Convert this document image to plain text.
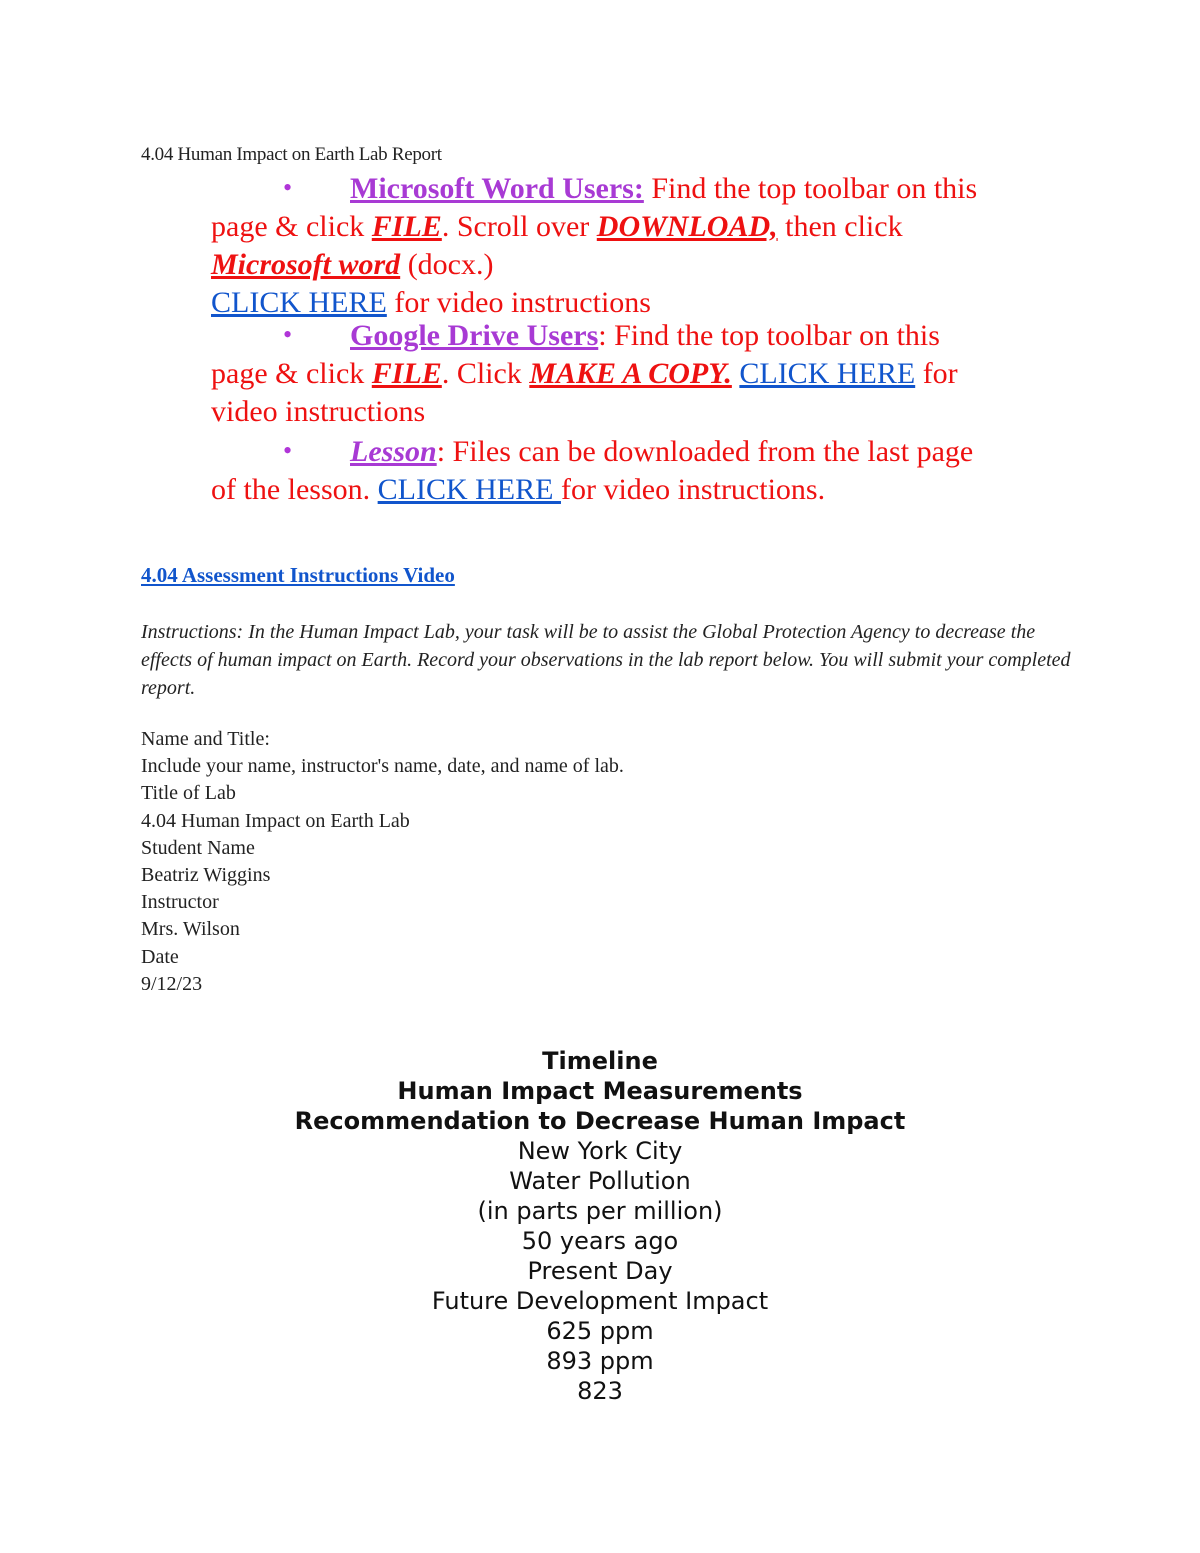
4.04 Human Impact on Earth Lab Report
• Microsoft Word Users: Find the top toolbar on this
page & click FILE. Scroll over DOWNLOAD, then click
Microsoft word (docx.)
CLICK HERE for video instructions
• Google Drive Users: Find the top toolbar on this
page & click FILE. Click MAKE A COPY. CLICK HERE for
video instructions
• Lesson: Files can be downloaded from the last page
of the lesson. CLICK HERE for video instructions.
4.04 Assessment Instructions Video
Instructions: In the Human Impact Lab, your task will be to assist the Global Protection Agency to decrease the effects of human impact on Earth. Record your observations in the lab report below. You will submit your completed report.
Name and Title:
Include your name, instructor's name, date, and name of lab.
Title of Lab
4.04 Human Impact on Earth Lab
Student Name
Beatriz Wiggins
Instructor
Mrs. Wilson
Date
9/12/23
Timeline
Human Impact Measurements
Recommendation to Decrease Human Impact
New York City
Water Pollution
(in parts per million)
50 years ago
Present Day
Future Development Impact
625 ppm
893 ppm
823
